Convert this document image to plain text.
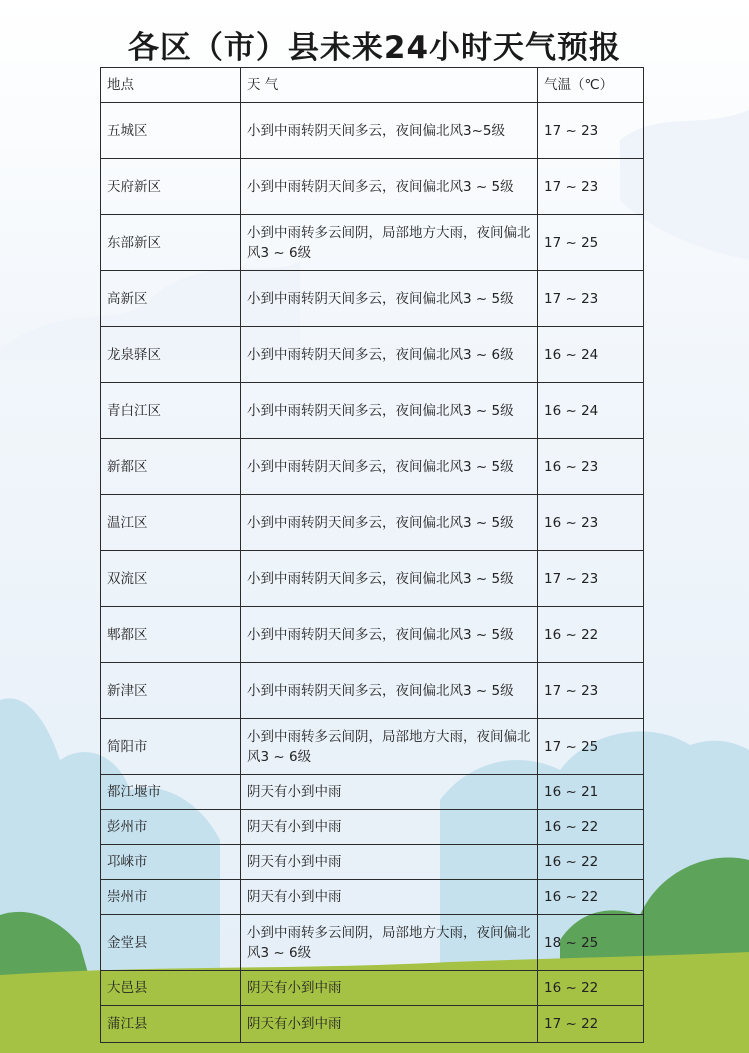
各区（市）县未来24小时天气预报
地点	天 气	气温（℃）
五城区	小到中雨转阴天间多云，夜间偏北风3~5级	17 ~ 23
天府新区	小到中雨转阴天间多云，夜间偏北风3 ~ 5级	17 ~ 23
东部新区	小到中雨转多云间阴，局部地方大雨，夜间偏北风3 ~ 6级	17 ~ 25
高新区	小到中雨转阴天间多云，夜间偏北风3 ~ 5级	17 ~ 23
龙泉驿区	小到中雨转阴天间多云，夜间偏北风3 ~ 6级	16 ~ 24
青白江区	小到中雨转阴天间多云，夜间偏北风3 ~ 5级	16 ~ 24
新都区	小到中雨转阴天间多云，夜间偏北风3 ~ 5级	16 ~ 23
温江区	小到中雨转阴天间多云，夜间偏北风3 ~ 5级	16 ~ 23
双流区	小到中雨转阴天间多云，夜间偏北风3 ~ 5级	17 ~ 23
郫都区	小到中雨转阴天间多云，夜间偏北风3 ~ 5级	16 ~ 22
新津区	小到中雨转阴天间多云，夜间偏北风3 ~ 5级	17 ~ 23
简阳市	小到中雨转多云间阴，局部地方大雨，夜间偏北风3 ~ 6级	17 ~ 25
都江堰市	阴天有小到中雨	16 ~ 21
彭州市	阴天有小到中雨	16 ~ 22
邛崃市	阴天有小到中雨	16 ~ 22
崇州市	阴天有小到中雨	16 ~ 22
金堂县	小到中雨转多云间阴，局部地方大雨，夜间偏北风3 ~ 6级	18 ~ 25
大邑县	阴天有小到中雨	16 ~ 22
蒲江县	阴天有小到中雨	17 ~ 22
